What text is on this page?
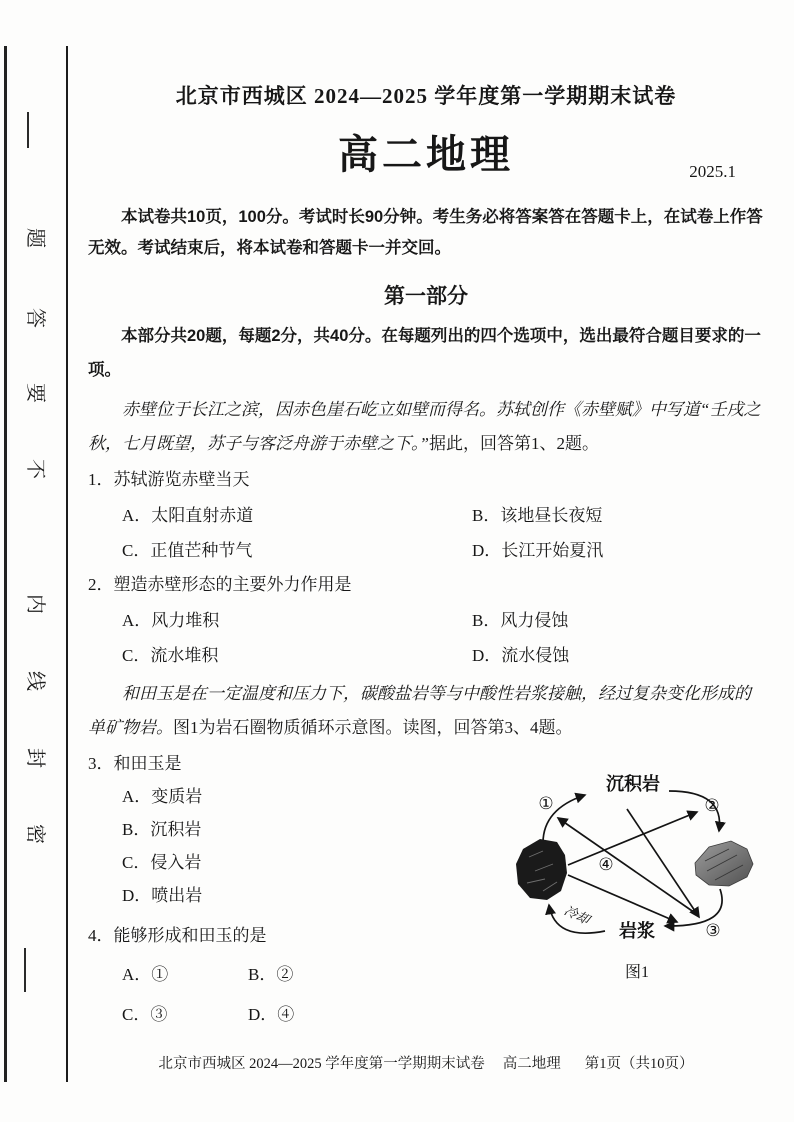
题
答
要
不
内
线
封
密
北京市西城区 2024—2025 学年度第一学期期末试卷
高二地理	2025.1

本试卷共10页，100分。考试时长90分钟。考生务必将答案答在答题卡上，在试卷上作答无效。考试结束后，将本试卷和答题卡一并交回。

第一部分

本部分共20题，每题2分，共40分。在每题列出的四个选项中，选出最符合题目要求的一项。

赤壁位于长江之滨，因赤色崖石屹立如壁而得名。苏轼创作《赤壁赋》中写道“壬戌之秋，七月既望，苏子与客泛舟游于赤壁之下。”据此，回答第1、2题。

1．苏轼游览赤壁当天

A．太阳直射赤道	B．该地昼长夜短
C．正值芒种节气	D．长江开始夏汛

2．塑造赤壁形态的主要外力作用是

A．风力堆积	B．风力侵蚀
C．流水堆积	D．流水侵蚀

和田玉是在一定温度和压力下，碳酸盐岩等与中酸性岩浆接触，经过复杂变化形成的单矿物岩。图1为岩石圈物质循环示意图。读图，回答第3、4题。

3．和田玉是

A．变质岩
B．沉积岩
C．侵入岩
D．喷出岩

4．能够形成和田玉的是

A．①	B．②
C．③	D．④
沉积岩
岩浆
①	②
③
④
冷却
图1
北京市西城区 2024—2025 学年度第一学期期末试卷 高二地理 第1页（共10页）
